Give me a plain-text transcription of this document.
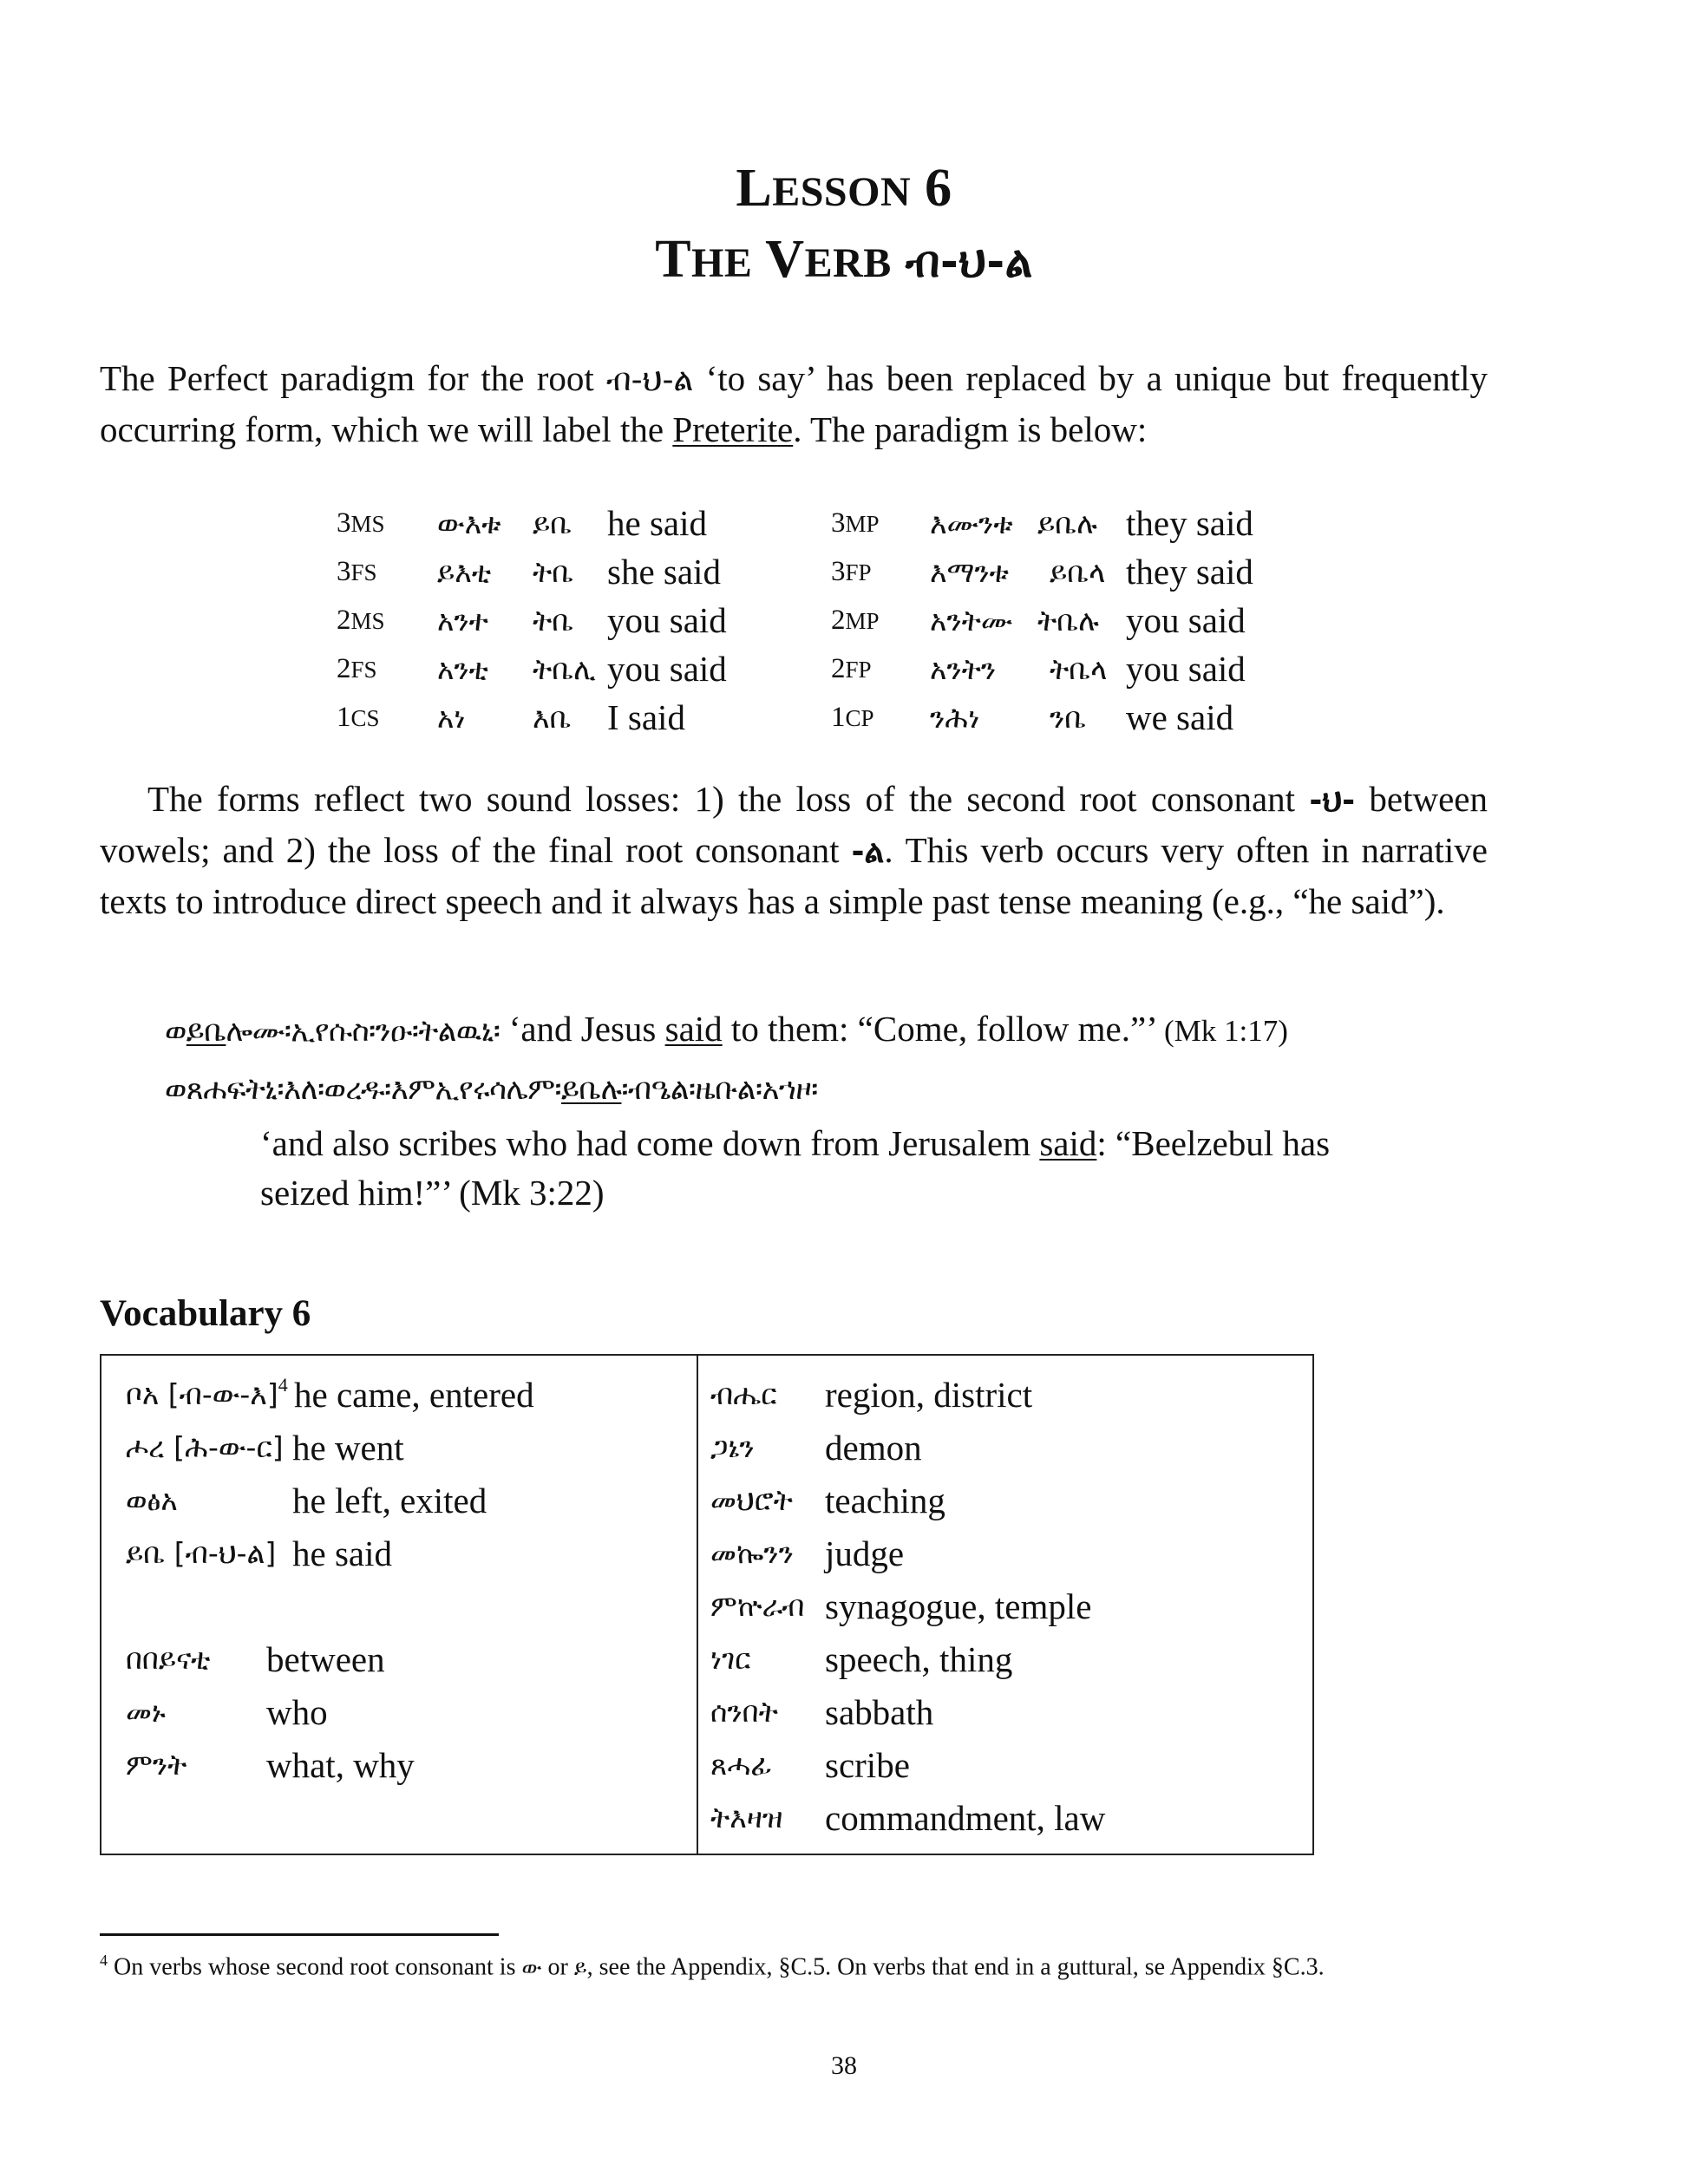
LESSON 6
THE VERB ብ-ህ-ል
The Perfect paradigm for the root ብ-ህ-ል ‘to say’ has been replaced by a unique but frequently occurring form, which we will label the Preterite. The paradigm is below:
3MS ውእቱ ይቤ he said
3FS ይእቲ ትቤ she said
2MS አንተ ትቤ you said
2FS አንቲ ትቤሊ you said
1CS አነ እቤ I said
3MP እሙንቱ ይቤሉ they said
3FP እማንቱ ይቤላ they said
2MP አንትሙ ትቤሉ you said
2FP አንትን ትቤላ you said
1CP ንሕነ ንቤ we said
The forms reflect two sound losses: 1) the loss of the second root consonant -ህ- between vowels; and 2) the loss of the final root consonant -ል. This verb occurs very often in narrative texts to introduce direct speech and it always has a simple past tense meaning (e.g., “he said”).
ወይቤሎሙ፡ኢየሱስ፡ንዑ፡ትልዉኒ፡ ‘and Jesus said to them: “Come, follow me.”’ (Mk 1:17)
ወጸሐፍትኒ፡እለ፡ወረዱ፡እምኢየሩሳሌም፡ይቤሉ፡ብዔል፡ዜቡል፡አኀዞ፡
‘and also scribes who had come down from Jerusalem said: “Beelzebul has
seized him!”’ (Mk 3:22)
Vocabulary 6
ቦአ [ብ-ው-እ]$^4$ he came, entered
ሖረ [ሕ-ው-ር] he went
ወፅአ	he left, exited
ይቤ [ብ-ህ-ል] he said
በበይናቲ between
መኑ	who
ምንት what, why
ብሔር region, district
ጋኔን demon
መህሮት teaching
መኰንን judge
ምኵራብ synagogue, temple
ነገር speech, thing
ሰንበት sabbath
ጸሓፊ scribe
ትእዛዝ commandment, law
$^4$ On verbs whose second root consonant is ው or ይ, see the Appendix, §C.5. On verbs that end in a guttural, se Appendix §C.3.
38
